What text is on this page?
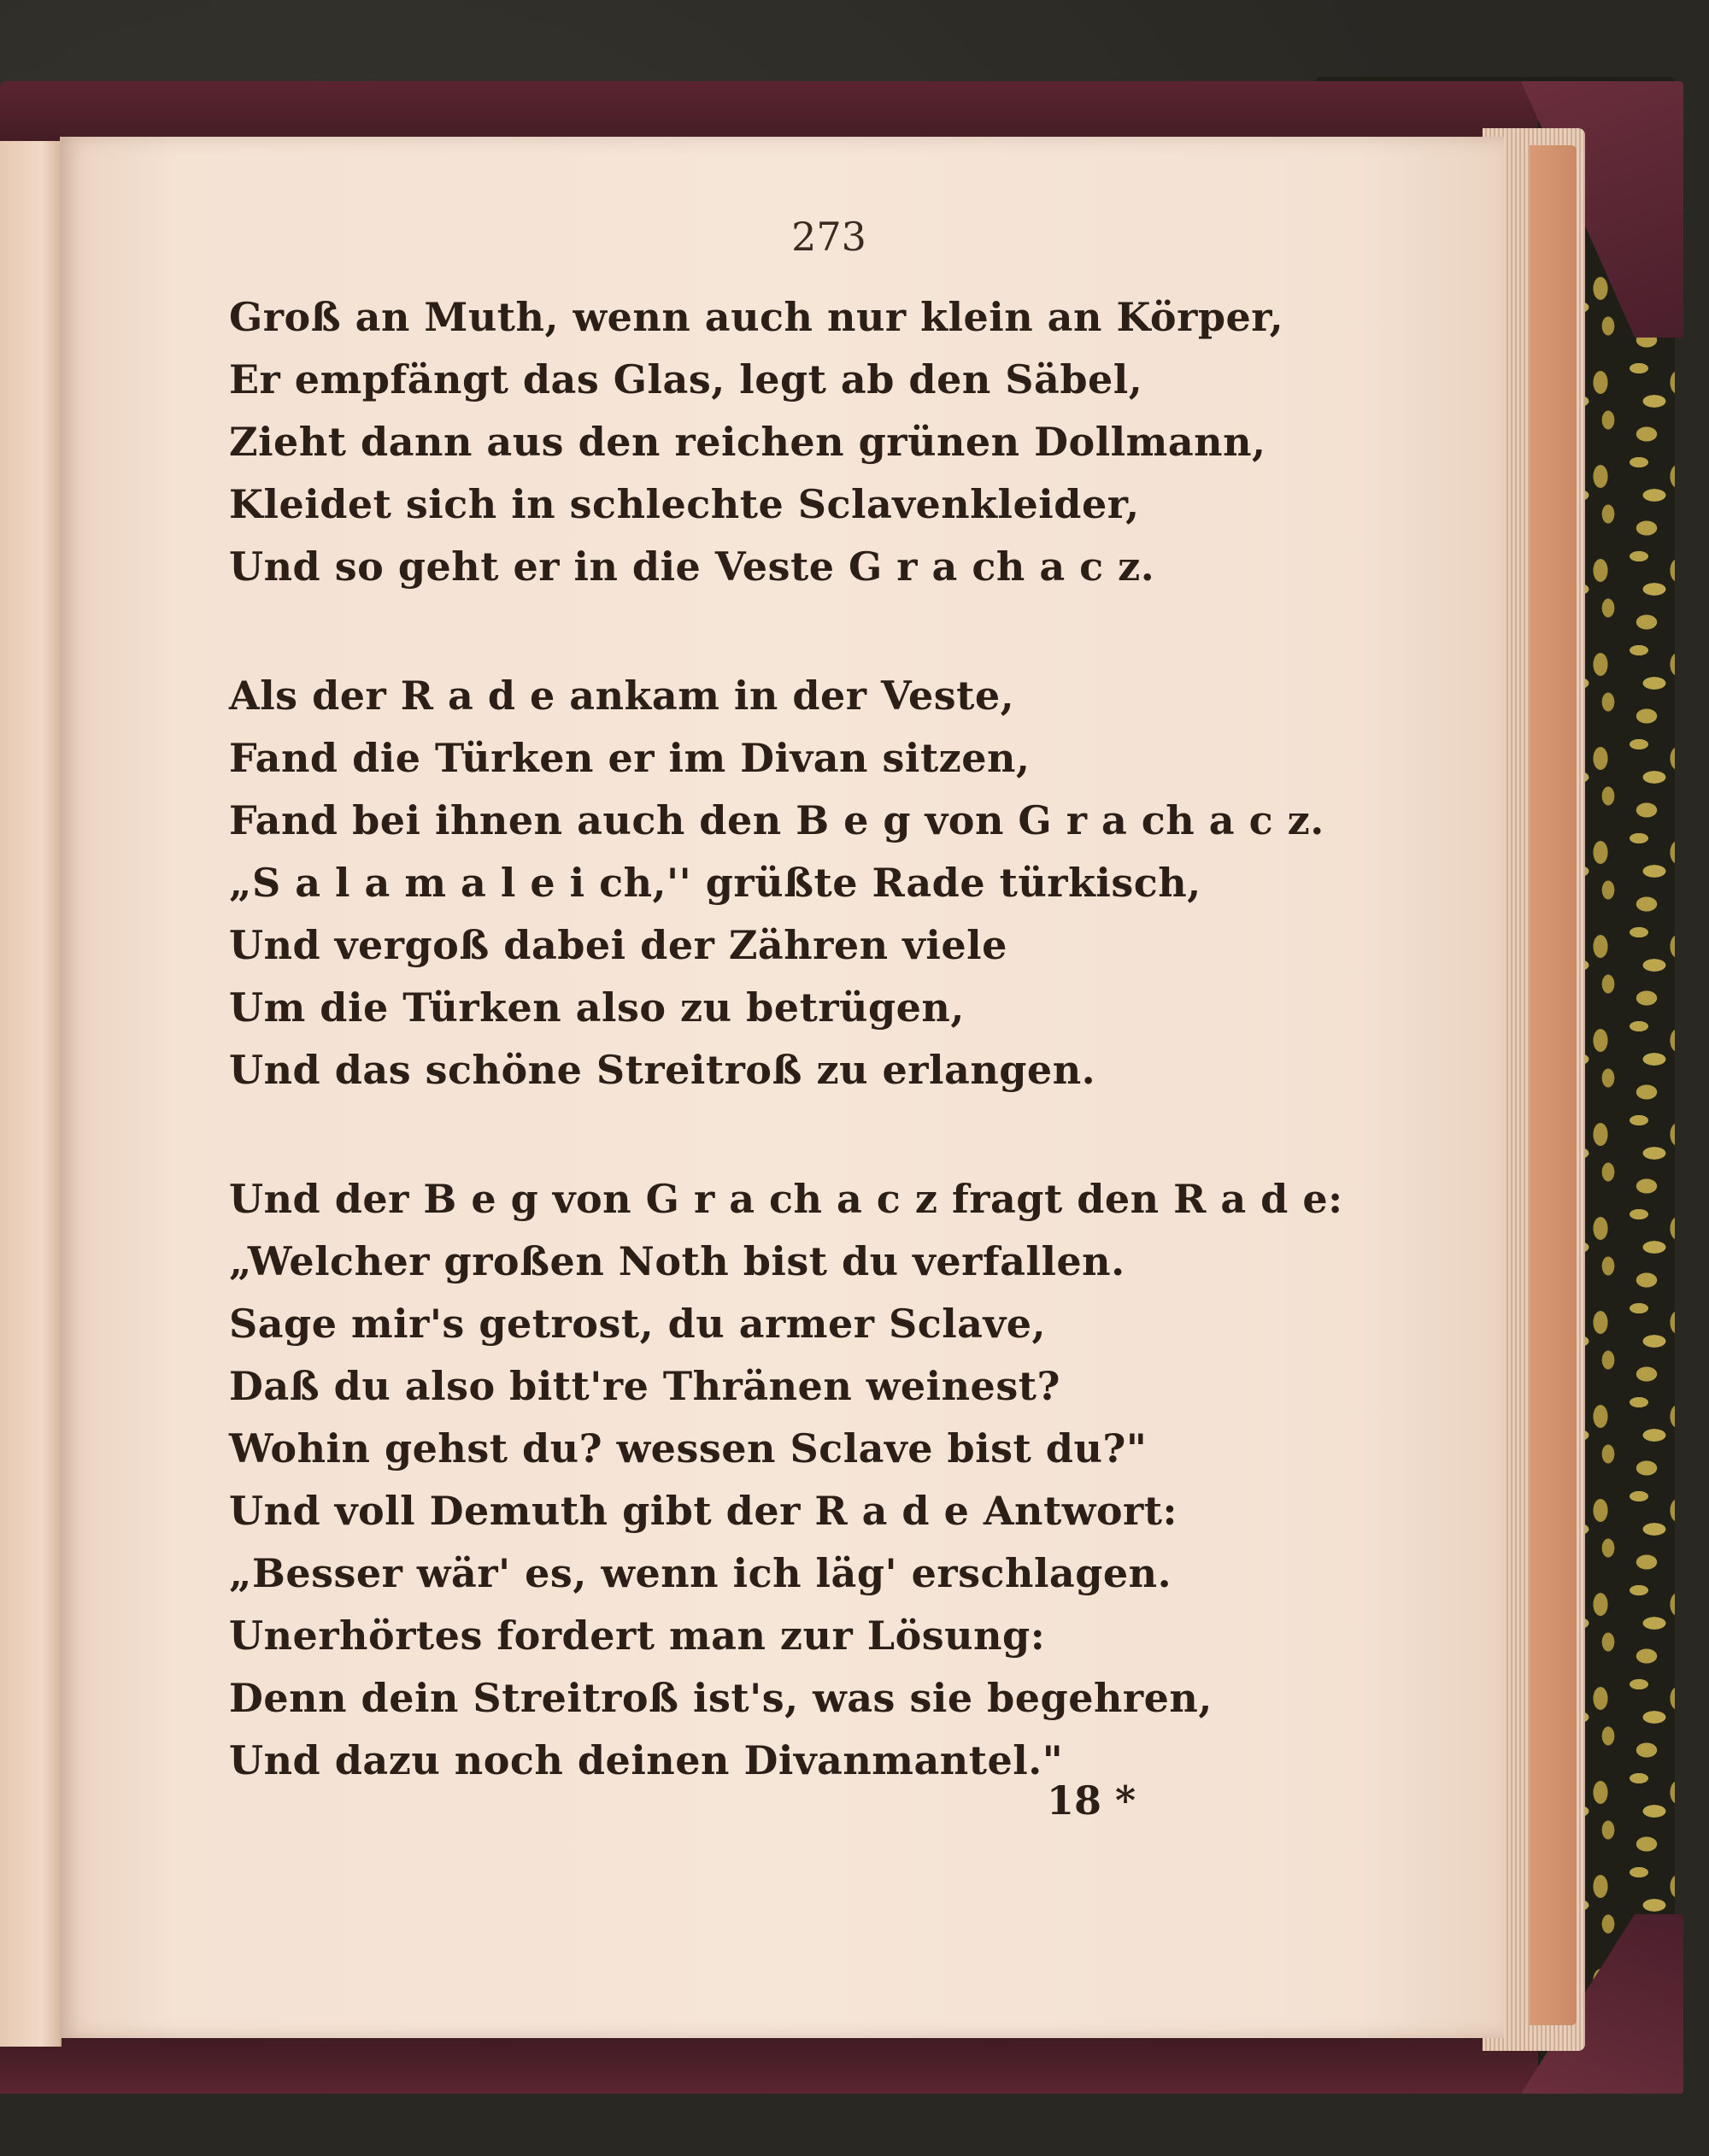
273
Groß an Muth, wenn auch nur klein an Körper,
Er empfängt das Glas, legt ab den Säbel,
Zieht dann aus den reichen grünen Dollmann,
Kleidet sich in schlechte Sclavenkleider,
Und so geht er in die Veste G r a ch a c z.
Als der R a d e ankam in der Veste,
Fand die Türken er im Divan sitzen,
Fand bei ihnen auch den B e g von G r a ch a c z.
„S a l a m a l e i ch,'' grüßte Rade türkisch,
Und vergoß dabei der Zähren viele
Um die Türken also zu betrügen,
Und das schöne Streitroß zu erlangen.
Und der B e g von G r a ch a c z fragt den R a d e:
„Welcher großen Noth bist du verfallen.
Sage mir's getrost, du armer Sclave,
Daß du also bitt're Thränen weinest?
Wohin gehst du? wessen Sclave bist du?"
Und voll Demuth gibt der R a d e Antwort:
„Besser wär' es, wenn ich läg' erschlagen.
Unerhörtes fordert man zur Lösung:
Denn dein Streitroß ist's, was sie begehren,
Und dazu noch deinen Divanmantel."
18 *
